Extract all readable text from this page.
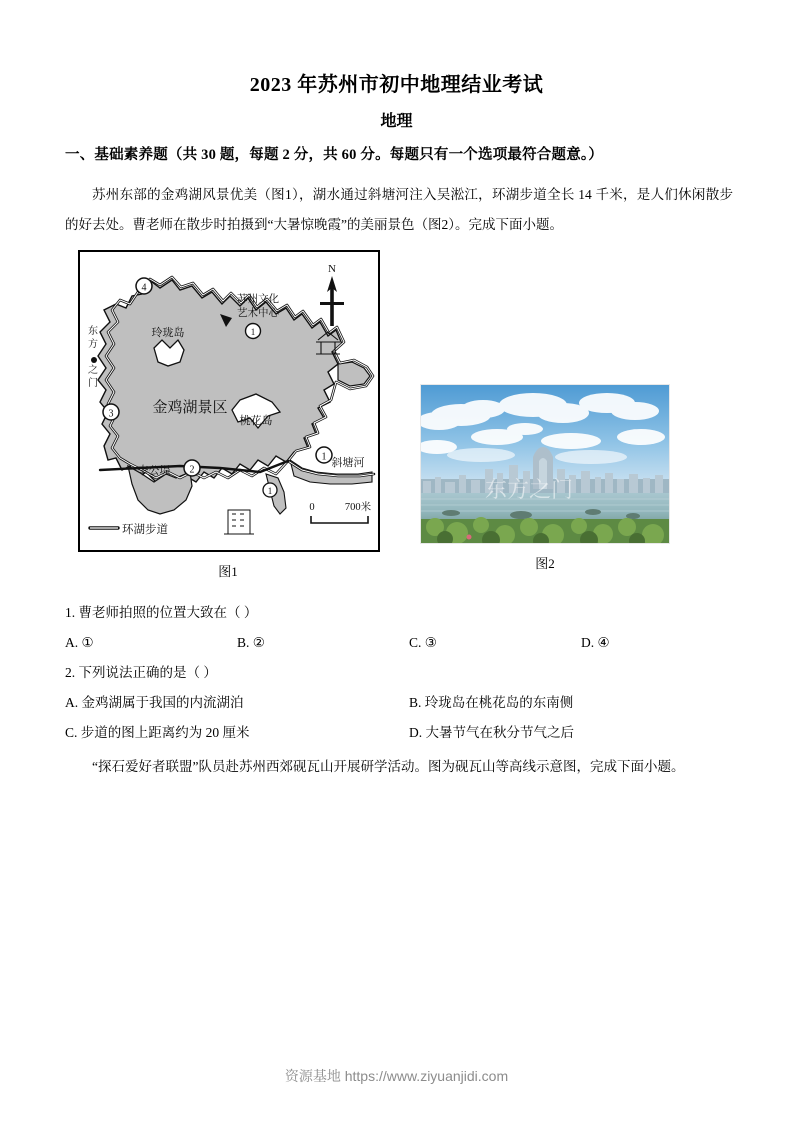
2023 年苏州市初中地理结业考试
地理
一、基础素养题（共 30 题，每题 2 分，共 60 分。每题只有一个选项最符合题意。）
苏州东部的金鸡湖风景优美（图1），湖水通过斜塘河注入吴淞江，环湖步道全长 14 千米，是人们休闲散步的好去处。曹老师在散步时拍摄到“大暑惊晚霞”的美丽景色（图2）。完成下面小题。
N
金鸡湖景区
玲珑岛
桃花岛
李公堤
斜塘河
东
方
之
门
苏州文化
艺术中心
1
1
1
2
3
4
环湖步道
0	700米
图1
东方之门
图2
1. 曹老师拍照的位置大致在（ ）
A. ①	B. ②	C. ③	D. ④
2. 下列说法正确的是（ ）
A. 金鸡湖属于我国的内流湖泊	B. 玲珑岛在桃花岛的东南侧
C. 步道的图上距离约为 20 厘米	D. 大暑节气在秋分节气之后
“探石爱好者联盟”队员赴苏州西郊砚瓦山开展研学活动。图为砚瓦山等高线示意图，完成下面小题。
资源基地 https://www.ziyuanjidi.com
